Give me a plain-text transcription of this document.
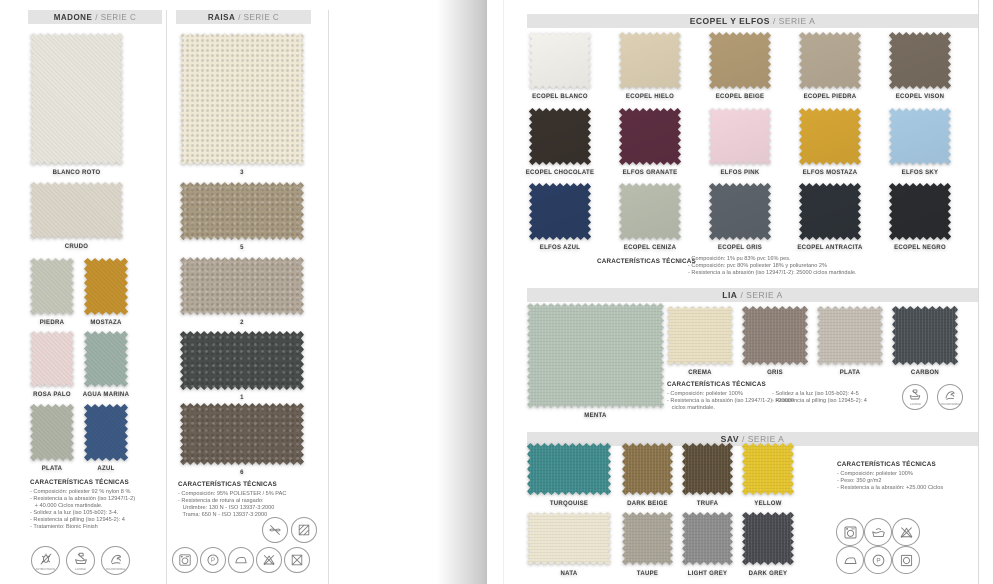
MADONE / SERIE C	RAISA / SERIE C	ECOPEL Y ELFOS / SERIE A
LIA / SERIE A
SAV / SERIE A
CARACTERÍSTICAS TÉCNICAS
- Composición: poliester 92 % nylon 8 %
- Resistencia a la abrasión (iso 12947/1-2)
+ 40.000 Ciclos martindale.
- Solidez a la luz (iso 105-b02): 3-4.
- Resistencia al pilling (iso 12945-2): 4
- Tratamiento: Bionic Finish
CARACTERÍSTICAS TÉCNICAS
- Composición: 95% POLIESTER / 5% PAC
- Resistencia de rotura al rasgado:
Urdimbre: 130 N - ISO 13937-3:2000
Trama: 650 N - ISO 13937-3:2000
CARACTERÍSTICAS TÉCNICAS
- Composición: 1% pu 83% pvc 16% pes.
- Composición: pvc 80% poliester 18% y poliuretano 2%
- Resistencia a la abrasión (iso 12947/1-2): 25000 ciclos martindale.
CARACTERÍSTICAS TÉCNICAS
- Composición: poliéster 100%
- Resistencia a la abrasión (iso 12947/1-2): >20000
ciclos martindale.
- Solidez a la luz (iso 105-b02): 4-5
- Resistencia al pilling (iso 12945-2): 4
CARACTERÍSTICAS TÉCNICAS
- Composición: poliéster 100%
- Peso: 350 gr/m2
- Resistencia a la abrasión: +25.000 Ciclos
BLANCO ROTO
CRUDO
PIEDRA	MOSTAZA
ROSA PALO AGUA MARINA
PLATA	AZUL
ANTIBACTERIAL	LAVABLE	TRANSPIRABLE
3
5
2
1
6
P
ECOPEL BLANCO	ECOPEL HIELO	ECOPEL BEIGE	ECOPEL PIEDRA	ECOPEL VISON
ECOPEL CHOCOLATE	ELFOS GRANATE	ELFOS PINK	ELFOS MOSTAZA	ELFOS SKY
ELFOS AZUL	ECOPEL CENIZA	ECOPEL GRIS	ECOPEL ANTRACITA	ECOPEL NEGRO
MENTA
CREMA	GRIS	PLATA	CARBON
LAVABLE	TRANSPIRABLE
TURQOUISE	DARK BEIGE	TRUFA	YELLOW
NATA	TAUPE	LIGHT GREY	DARK GREY
P
